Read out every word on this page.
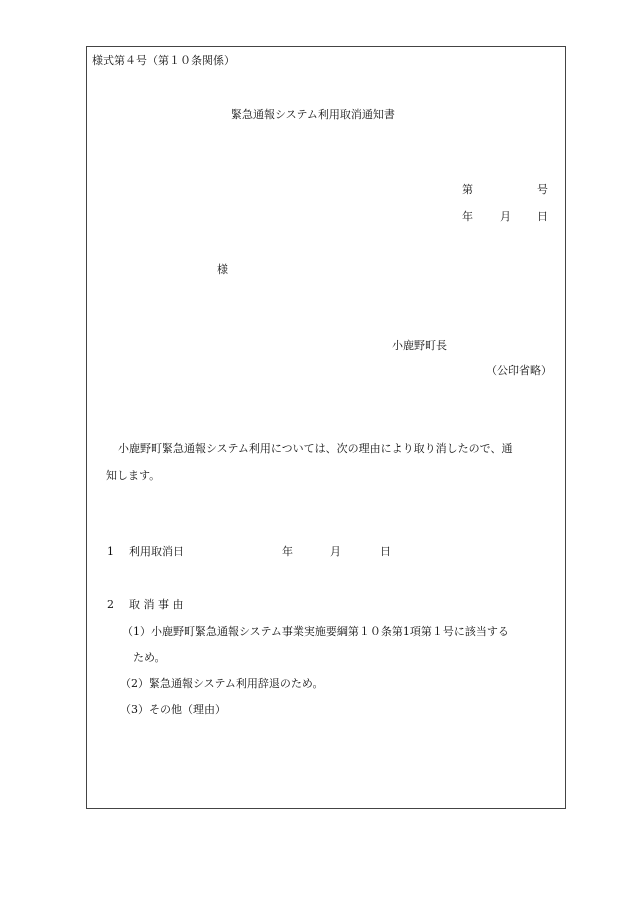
様式第４号（第１０条関係）
緊急通報システム利用取消通知書
第	号
年 月 日
様
小鹿野町長
（公印省略）
小鹿野町緊急通報システム利用については、次の理由により取り消したので、通
知します。
1 利用取消日	年	月	日
2 取 消 事 由
（1）小鹿野町緊急通報システム事業実施要綱第１０条第1項第１号に該当する
ため。
（2）緊急通報システム利用辞退のため。
（3）その他（理由）
